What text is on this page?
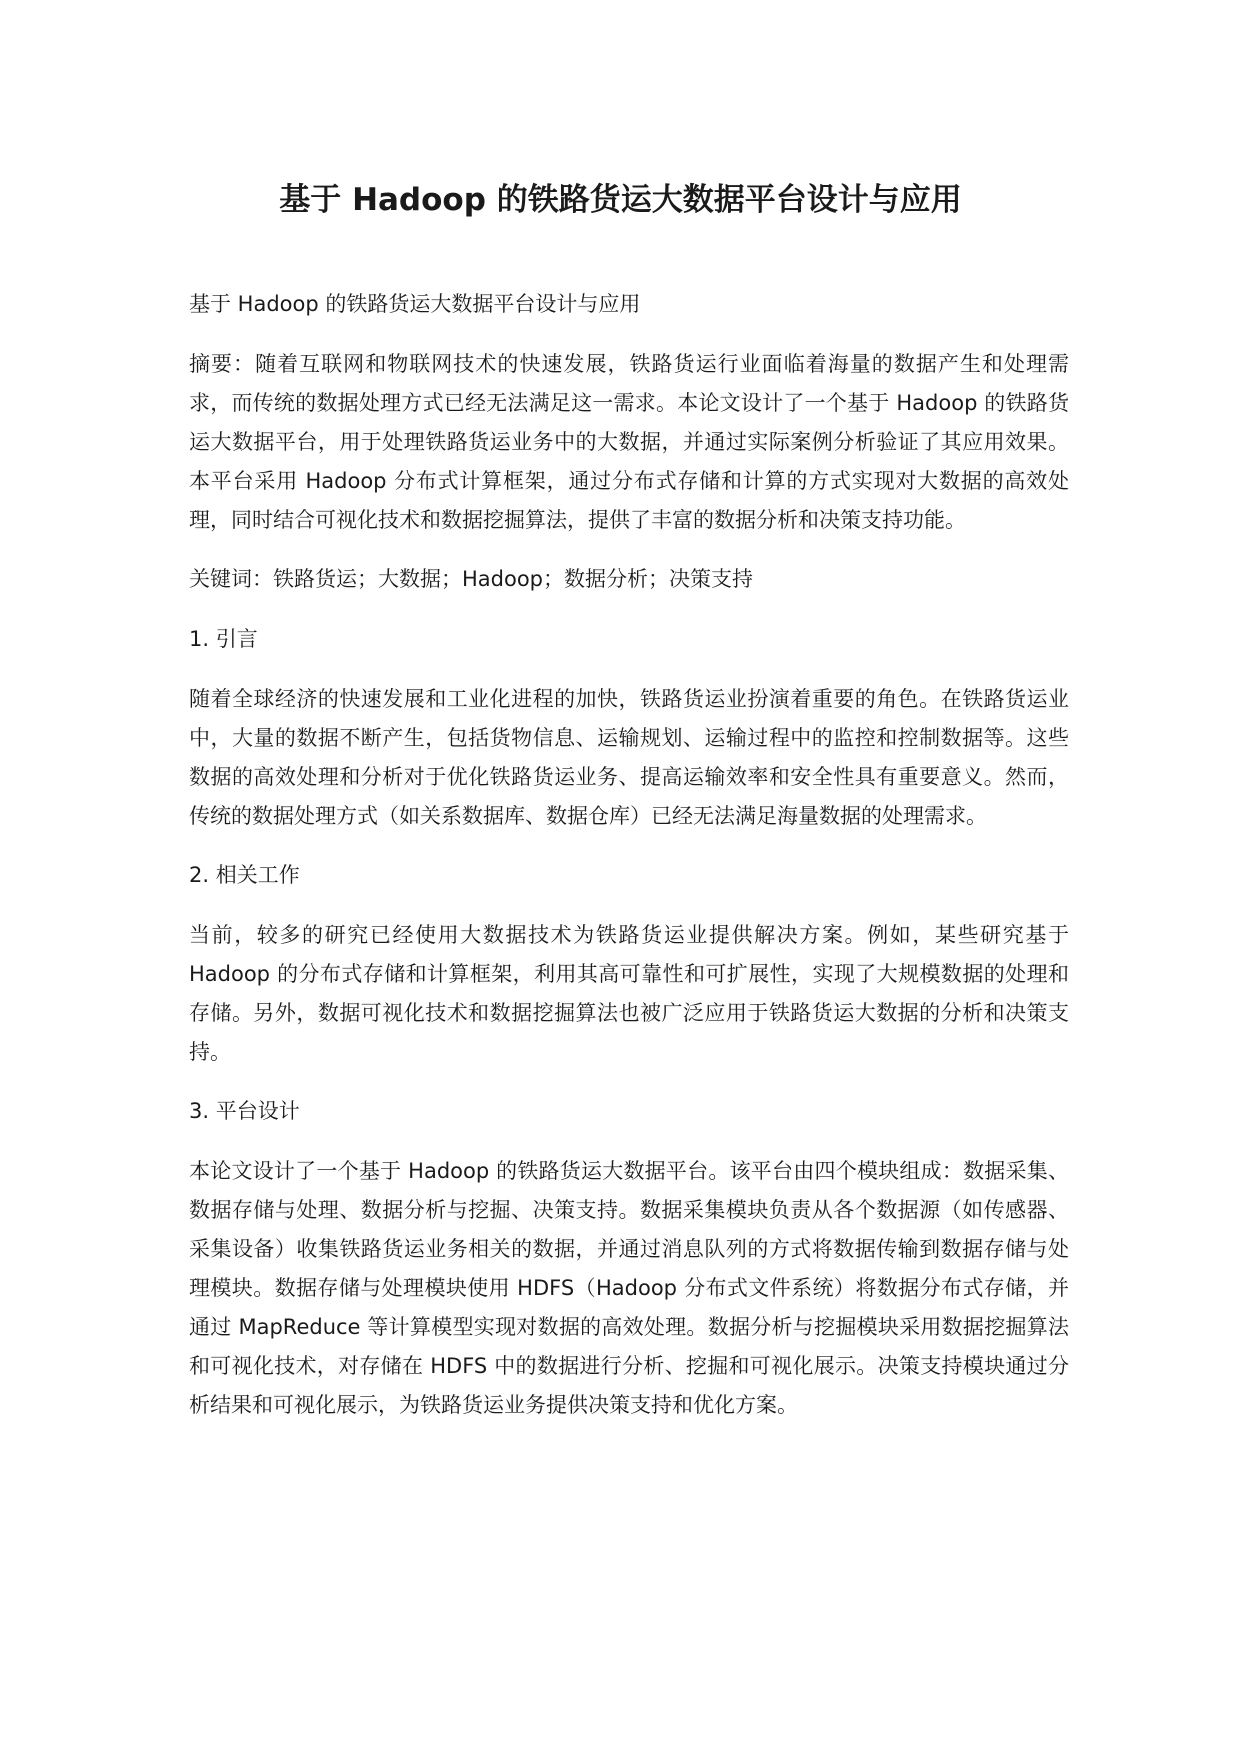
基于 Hadoop 的铁路货运大数据平台设计与应用

基于 Hadoop 的铁路货运大数据平台设计与应用

摘要：随着互联网和物联网技术的快速发展，铁路货运行业面临着海量的数据产生和处理需求，而传统的数据处理方式已经无法满足这一需求。本论文设计了一个基于 Hadoop 的铁路货运大数据平台，用于处理铁路货运业务中的大数据，并通过实际案例分析验证了其应用效果。本平台采用 Hadoop 分布式计算框架，通过分布式存储和计算的方式实现对大数据的高效处理，同时结合可视化技术和数据挖掘算法，提供了丰富的数据分析和决策支持功能。

关键词：铁路货运；大数据；Hadoop；数据分析；决策支持

1. 引言

随着全球经济的快速发展和工业化进程的加快，铁路货运业扮演着重要的角色。在铁路货运业中，大量的数据不断产生，包括货物信息、运输规划、运输过程中的监控和控制数据等。这些数据的高效处理和分析对于优化铁路货运业务、提高运输效率和安全性具有重要意义。然而，传统的数据处理方式（如关系数据库、数据仓库）已经无法满足海量数据的处理需求。

2. 相关工作

当前，较多的研究已经使用大数据技术为铁路货运业提供解决方案。例如，某些研究基于 Hadoop 的分布式存储和计算框架，利用其高可靠性和可扩展性，实现了大规模数据的处理和存储。另外，数据可视化技术和数据挖掘算法也被广泛应用于铁路货运大数据的分析和决策支持。

3. 平台设计

本论文设计了一个基于 Hadoop 的铁路货运大数据平台。该平台由四个模块组成：数据采集、数据存储与处理、数据分析与挖掘、决策支持。数据采集模块负责从各个数据源（如传感器、采集设备）收集铁路货运业务相关的数据，并通过消息队列的方式将数据传输到数据存储与处理模块。数据存储与处理模块使用 HDFS（Hadoop 分布式文件系统）将数据分布式存储，并通过 MapReduce 等计算模型实现对数据的高效处理。数据分析与挖掘模块采用数据挖掘算法和可视化技术，对存储在 HDFS 中的数据进行分析、挖掘和可视化展示。决策支持模块通过分析结果和可视化展示，为铁路货运业务提供决策支持和优化方案。
